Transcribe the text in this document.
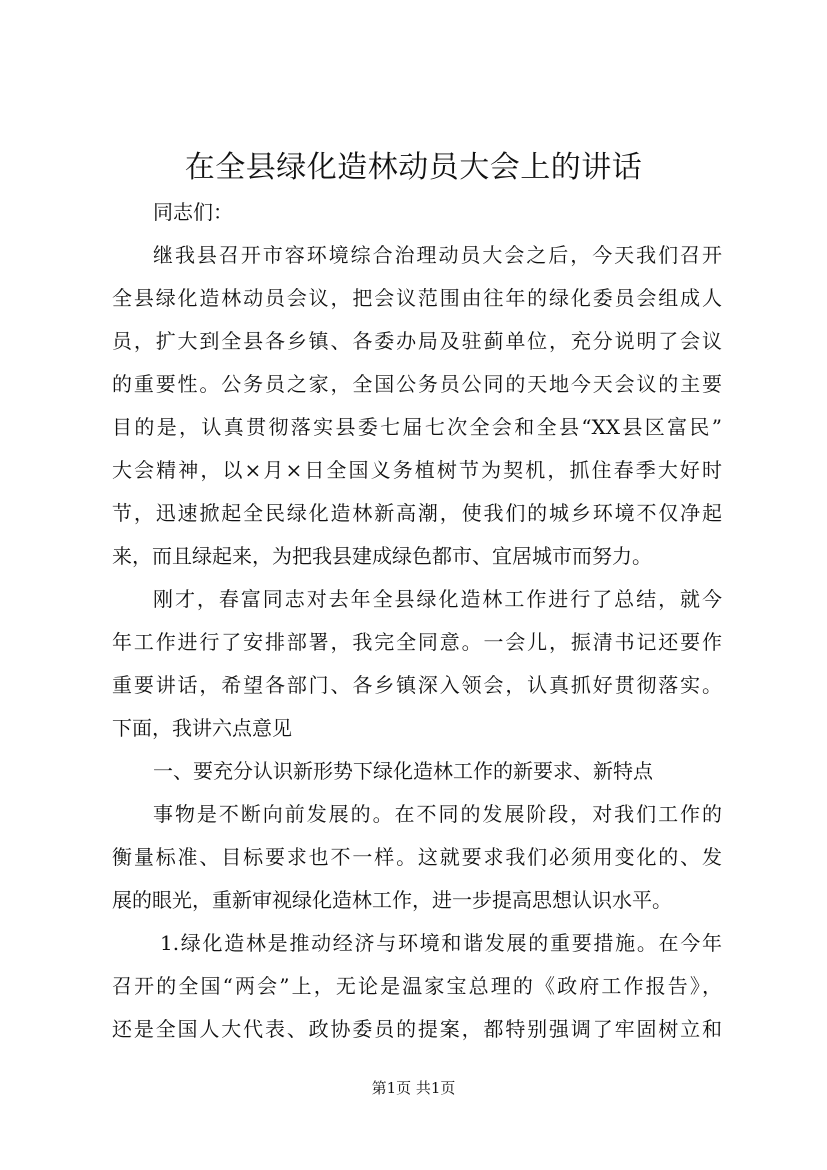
在全县绿化造林动员大会上的讲话
同志们：
继我县召开市容环境综合治理动员大会之后，今天我们召开
全县绿化造林动员会议，把会议范围由往年的绿化委员会组成人
员，扩大到全县各乡镇、各委办局及驻蓟单位，充分说明了会议
的重要性。公务员之家，全国公务员公同的天地今天会议的主要
目的是，认真贯彻落实县委七届七次全会和全县“XX县区富民”
大会精神，以×月×日全国义务植树节为契机，抓住春季大好时
节，迅速掀起全民绿化造林新高潮，使我们的城乡环境不仅净起
来，而且绿起来，为把我县建成绿色都市、宜居城市而努力。
刚才，春富同志对去年全县绿化造林工作进行了总结，就今
年工作进行了安排部署，我完全同意。一会儿，振清书记还要作
重要讲话，希望各部门、各乡镇深入领会，认真抓好贯彻落实。
下面，我讲六点意见
一、要充分认识新形势下绿化造林工作的新要求、新特点
事物是不断向前发展的。在不同的发展阶段，对我们工作的
衡量标准、目标要求也不一样。这就要求我们必须用变化的、发
展的眼光，重新审视绿化造林工作，进一步提高思想认识水平。
1.绿化造林是推动经济与环境和谐发展的重要措施。在今年
召开的全国“两会”上，无论是温家宝总理的《政府工作报告》，
还是全国人大代表、政协委员的提案，都特别强调了牢固树立和
第1页 共1页
